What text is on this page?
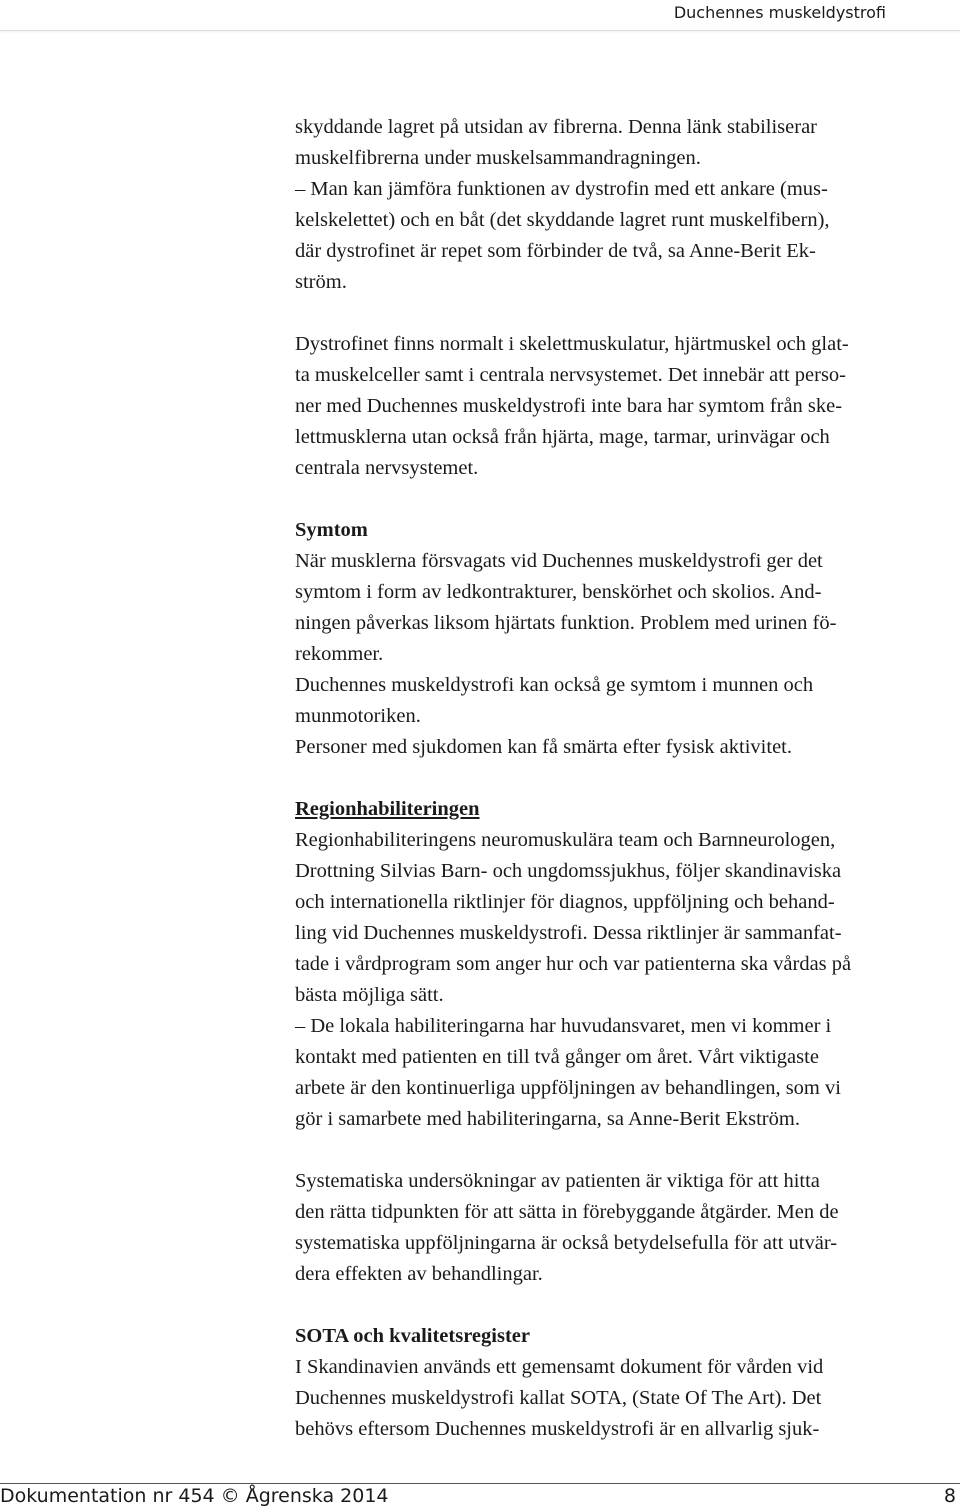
Duchennes muskeldystrofi
skyddande lagret på utsidan av fibrerna. Denna länk stabiliserar
muskelfibrerna under muskelsammandragningen.
– Man kan jämföra funktionen av dystrofin med ett ankare (mus-
kelskelettet) och en båt (det skyddande lagret runt muskelfibern),
där dystrofinet är repet som förbinder de två, sa Anne-Berit Ek-
ström.
Dystrofinet finns normalt i skelettmuskulatur, hjärtmuskel och glat-
ta muskelceller samt i centrala nervsystemet. Det innebär att perso-
ner med Duchennes muskeldystrofi inte bara har symtom från ske-
lettmusklerna utan också från hjärta, mage, tarmar, urinvägar och
centrala nervsystemet.
Symtom
När musklerna försvagats vid Duchennes muskeldystrofi ger det
symtom i form av ledkontrakturer, benskörhet och skolios. And-
ningen påverkas liksom hjärtats funktion. Problem med urinen fö-
rekommer.
Duchennes muskeldystrofi kan också ge symtom i munnen och
munmotoriken.
Personer med sjukdomen kan få smärta efter fysisk aktivitet.
Regionhabiliteringen
Regionhabiliteringens neuromuskulära team och Barnneurologen,
Drottning Silvias Barn- och ungdomssjukhus, följer skandinaviska
och internationella riktlinjer för diagnos, uppföljning och behand-
ling vid Duchennes muskeldystrofi. Dessa riktlinjer är sammanfat-
tade i vårdprogram som anger hur och var patienterna ska vårdas på
bästa möjliga sätt.
– De lokala habiliteringarna har huvudansvaret, men vi kommer i
kontakt med patienten en till två gånger om året. Vårt viktigaste
arbete är den kontinuerliga uppföljningen av behandlingen, som vi
gör i samarbete med habiliteringarna, sa Anne-Berit Ekström.
Systematiska undersökningar av patienten är viktiga för att hitta
den rätta tidpunkten för att sätta in förebyggande åtgärder. Men de
systematiska uppföljningarna är också betydelsefulla för att utvär-
dera effekten av behandlingar.
SOTA och kvalitetsregister
I Skandinavien används ett gemensamt dokument för vården vid
Duchennes muskeldystrofi kallat SOTA, (State Of The Art). Det
behövs eftersom Duchennes muskeldystrofi är en allvarlig sjuk-
Dokumentation nr 454 © Ågrenska 2014	8
